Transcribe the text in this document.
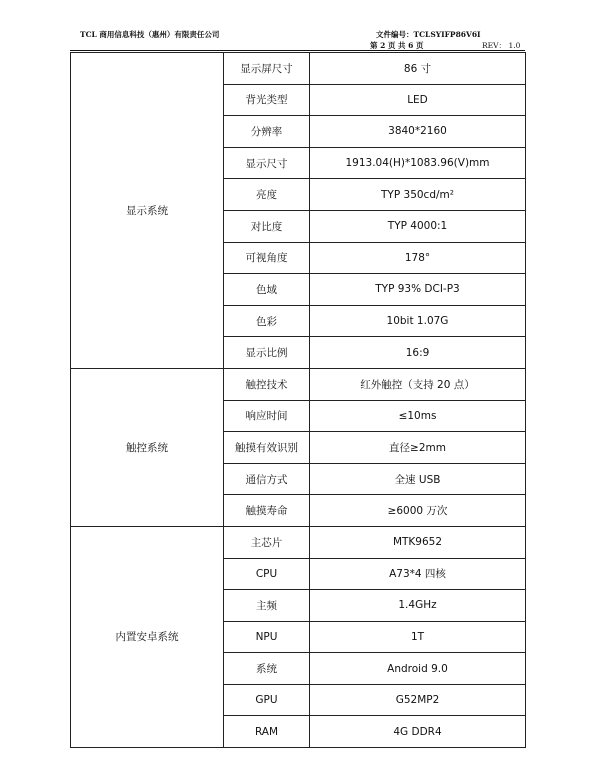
TCL 商用信息科技（惠州）有限责任公司	文件编号：TCLSYIFP86V6I
第 2 页 共 6 页	REV： 1.0
显示系统	显示屏尺寸	86 寸
	背光类型	LED
	分辨率	3840*2160
	显示尺寸	1913.04(H)*1083.96(V)mm
	亮度	TYP 350cd/m²
	对比度	TYP 4000:1
	可视角度	178°
	色域	TYP 93% DCI-P3
	色彩	10bit 1.07G
	显示比例	16:9
触控系统	触控技术	红外触控（支持 20 点）
	响应时间	≤10ms
	触摸有效识别	直径≥2mm
	通信方式	全速 USB
	触摸寿命	≥6000 万次
内置安卓系统	主芯片	MTK9652
	CPU	A73*4 四核
	主频	1.4GHz
	NPU	1T
	系统	Android 9.0
	GPU	G52MP2
	RAM	4G DDR4
